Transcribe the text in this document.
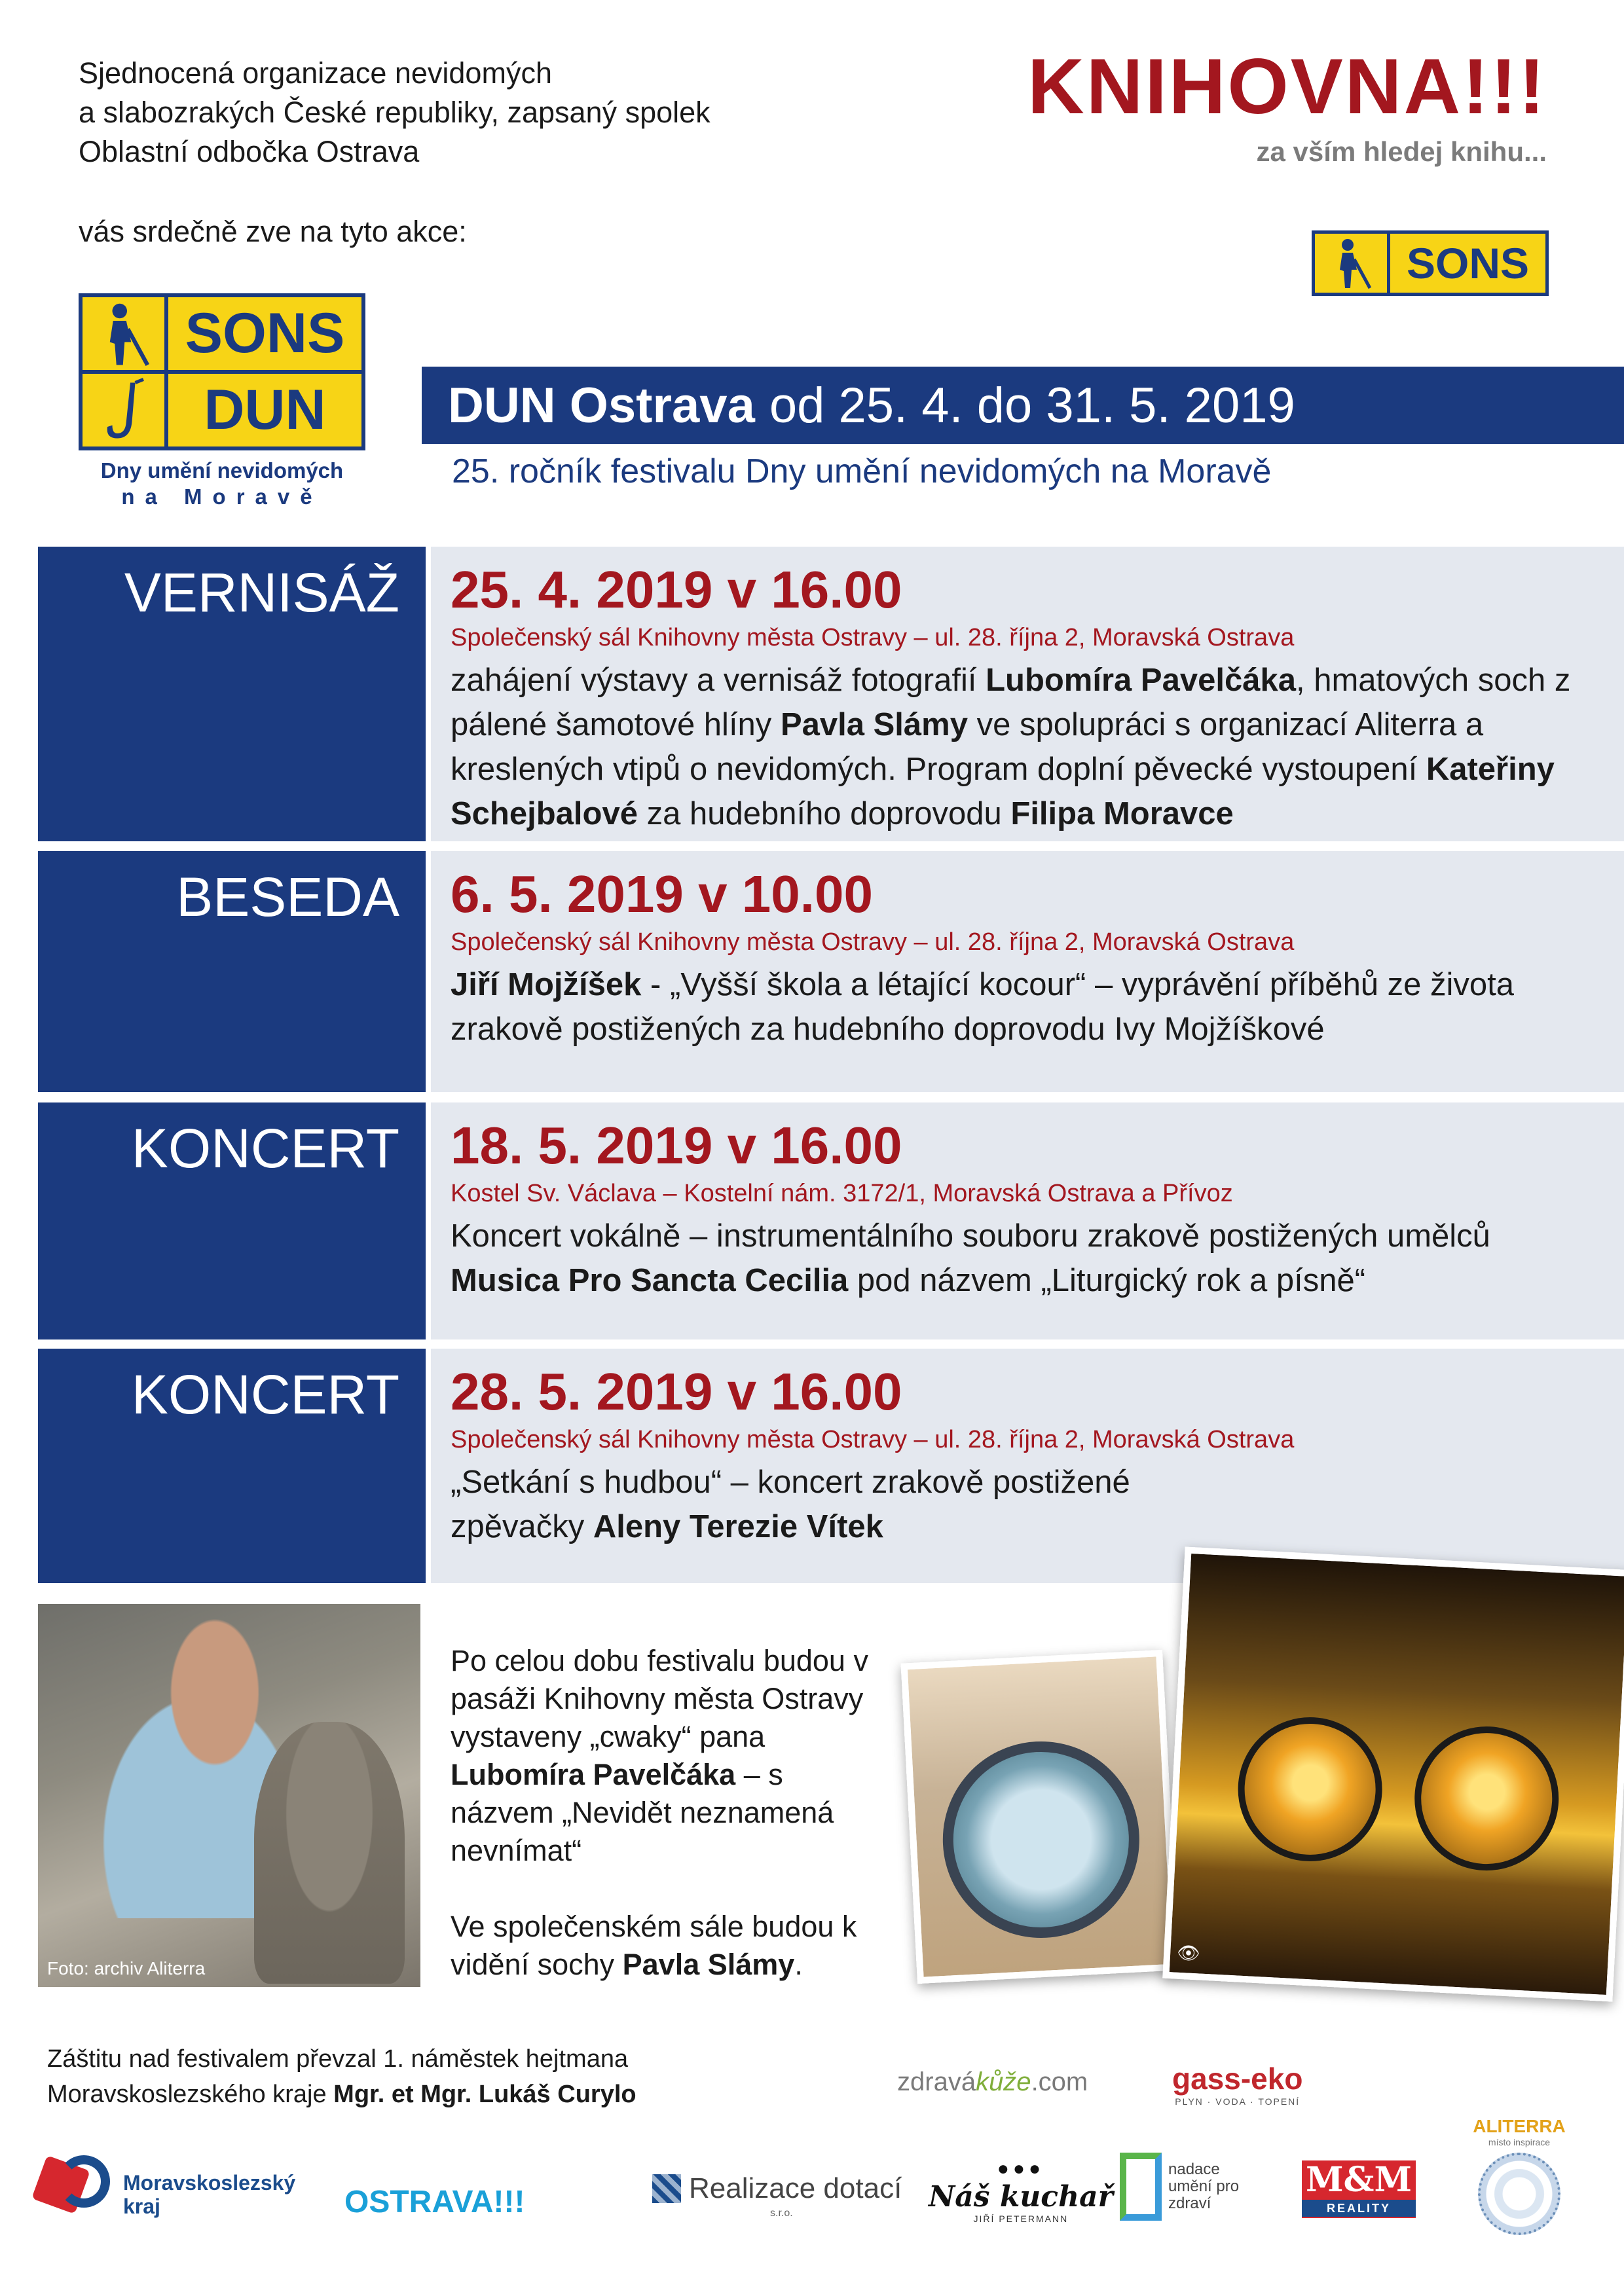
Sjednocená organizace nevidomých
a slabozrakých České republiky, zapsaný spolek
Oblastní odbočka Ostrava
vás srdečně zve na tyto akce:
KNIHOVNA!!!
za vším hledej knihu...
SONS
SONS
DUN
Dny umění nevidomých
na Moravě
DUN Ostrava od 25. 4. do 31. 5. 2019
25. ročník festivalu Dny umění nevidomých na Moravě
VERNISÁŽ 25. 4. 2019 v 16.00
Společenský sál Knihovny města Ostravy – ul. 28. října 2, Moravská Ostrava
zahájení výstavy a vernisáž fotografií Lubomíra Pavelčáka, hmatových soch z pálené šamotové hlíny Pavla Slámy ve spolupráci s organizací Aliterra a kreslených vtipů o nevidomých. Program doplní pěvecké vystoupení Kateřiny Schejbalové za hudebního doprovodu Filipa Moravce
BESEDA 6. 5. 2019 v 10.00
Společenský sál Knihovny města Ostravy – ul. 28. října 2, Moravská Ostrava
Jiří Mojžíšek - „Vyšší škola a létající kocour“ – vyprávění příběhů ze života zrakově postižených za hudebního doprovodu Ivy Mojžíškové
KONCERT 18. 5. 2019 v 16.00
Kostel Sv. Václava – Kostelní nám. 3172/1, Moravská Ostrava a Přívoz
Koncert vokálně – instrumentálního souboru zrakově postižených umělců Musica Pro Sancta Cecilia pod názvem „Liturgický rok a písně“
KONCERT 28. 5. 2019 v 16.00
Společenský sál Knihovny města Ostravy – ul. 28. října 2, Moravská Ostrava
„Setkání s hudbou“ – koncert zrakově postižené zpěvačky Aleny Terezie Vítek
Foto: archiv Aliterra
Po celou dobu festivalu budou v pasáži Knihovny města Ostravy vystaveny „cwaky“ pana Lubomíra Pavelčáka – s názvem „Nevidět neznamená nevnímat“
Ve společenském sále budou k vidění sochy Pavla Slámy.	👁
Záštitu nad festivalem převzal 1. náměstek hejtmana
Moravskoslezského kraje Mgr. et Mgr. Lukáš Curylo	zdravákůže.com	gass-eko
PLYN · VODA · TOPENÍ
Moravskoslezský
kraj	OSTRAVA!!!	Realizace dotací
s.r.o.
●●●
Náš kuchař
JIŘÍ PETERMANN
nadace umění pro zdraví
M&M
REALITY
ALITERRA
místo inspirace
